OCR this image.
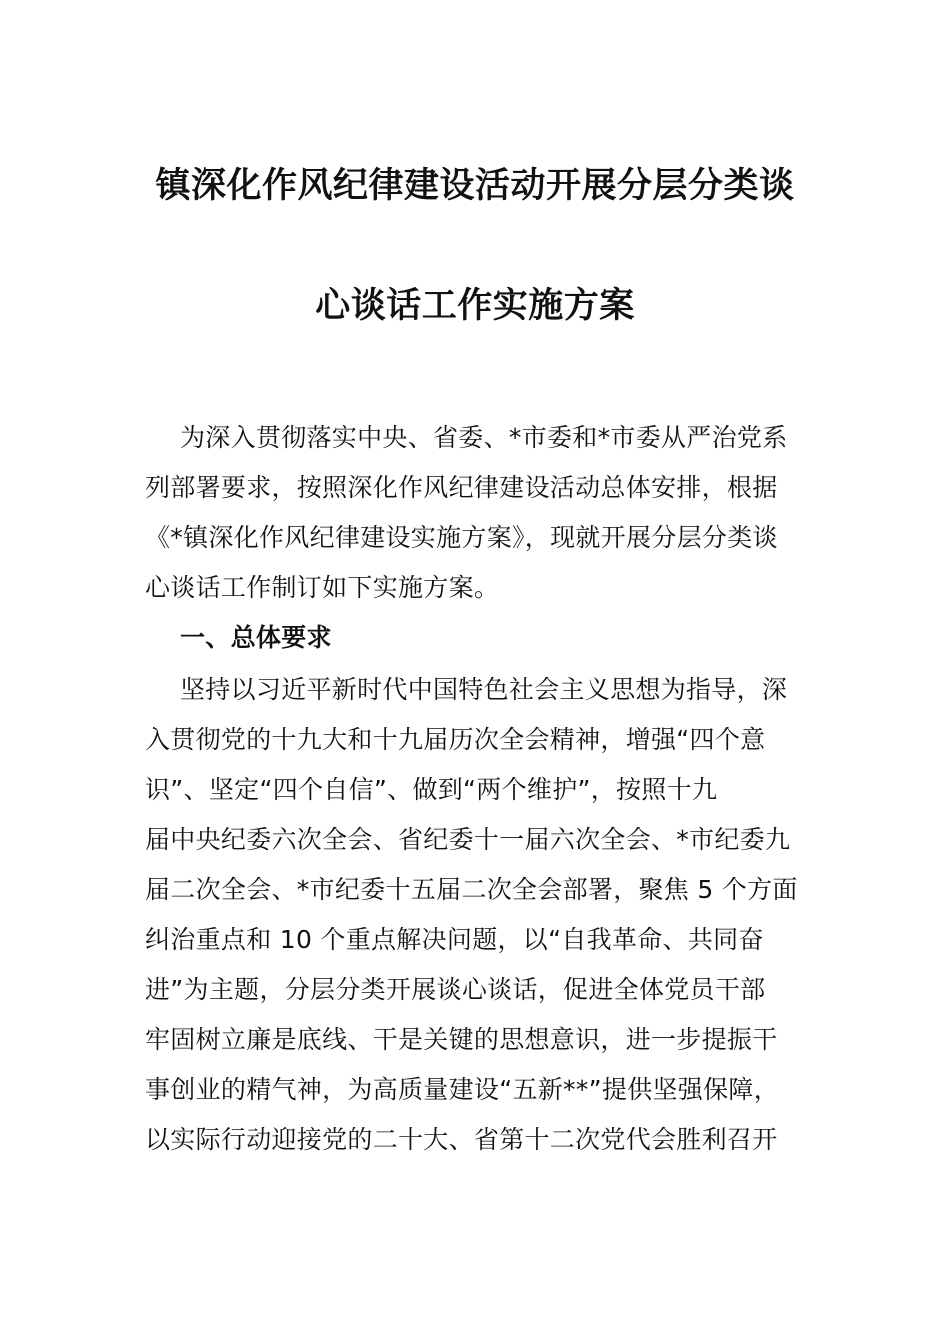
镇深化作风纪律建设活动开展分层分类谈
心谈话工作实施方案
为深入贯彻落实中央、省委、*市委和*市委从严治党系
列部署要求，按照深化作风纪律建设活动总体安排，根据
《*镇深化作风纪律建设实施方案》，现就开展分层分类谈
心谈话工作制订如下实施方案。
一、总体要求
坚持以习近平新时代中国特色社会主义思想为指导，深
入贯彻党的十九大和十九届历次全会精神，增强“四个意
识”、坚定“四个自信”、做到“两个维护”，按照十九
届中央纪委六次全会、省纪委十一届六次全会、*市纪委九
届二次全会、*市纪委十五届二次全会部署，聚焦 5 个方面
纠治重点和 10 个重点解决问题，以“自我革命、共同奋
进”为主题，分层分类开展谈心谈话，促进全体党员干部
牢固树立廉是底线、干是关键的思想意识，进一步提振干
事创业的精气神，为高质量建设“五新**”提供坚强保障，
以实际行动迎接党的二十大、省第十二次党代会胜利召开
